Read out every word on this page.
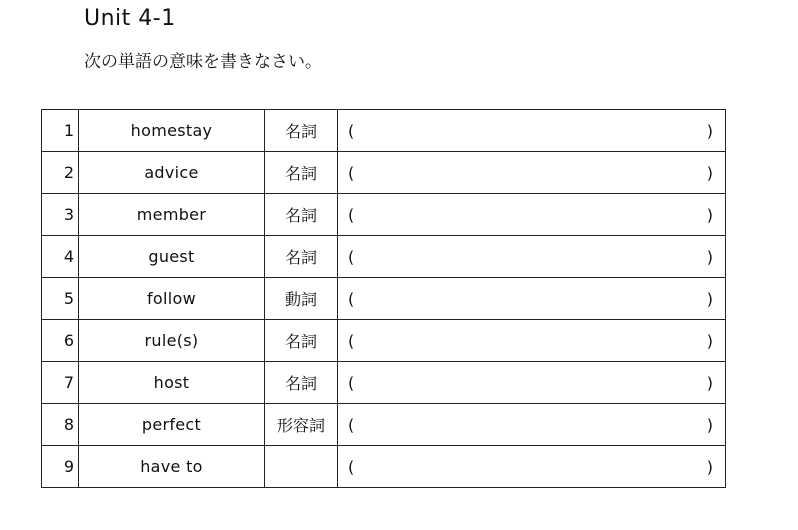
Unit 4-1
次の単語の意味を書きなさい。
1	homestay	名詞	( )

2	advice	名詞	( )

3	member	名詞	( )

4	guest	名詞	( )

5	follow	動詞	( )

6	rule(s)	名詞	( )

7	host	名詞	( )

8	perfect	形容詞	( )

9	have to		( )
